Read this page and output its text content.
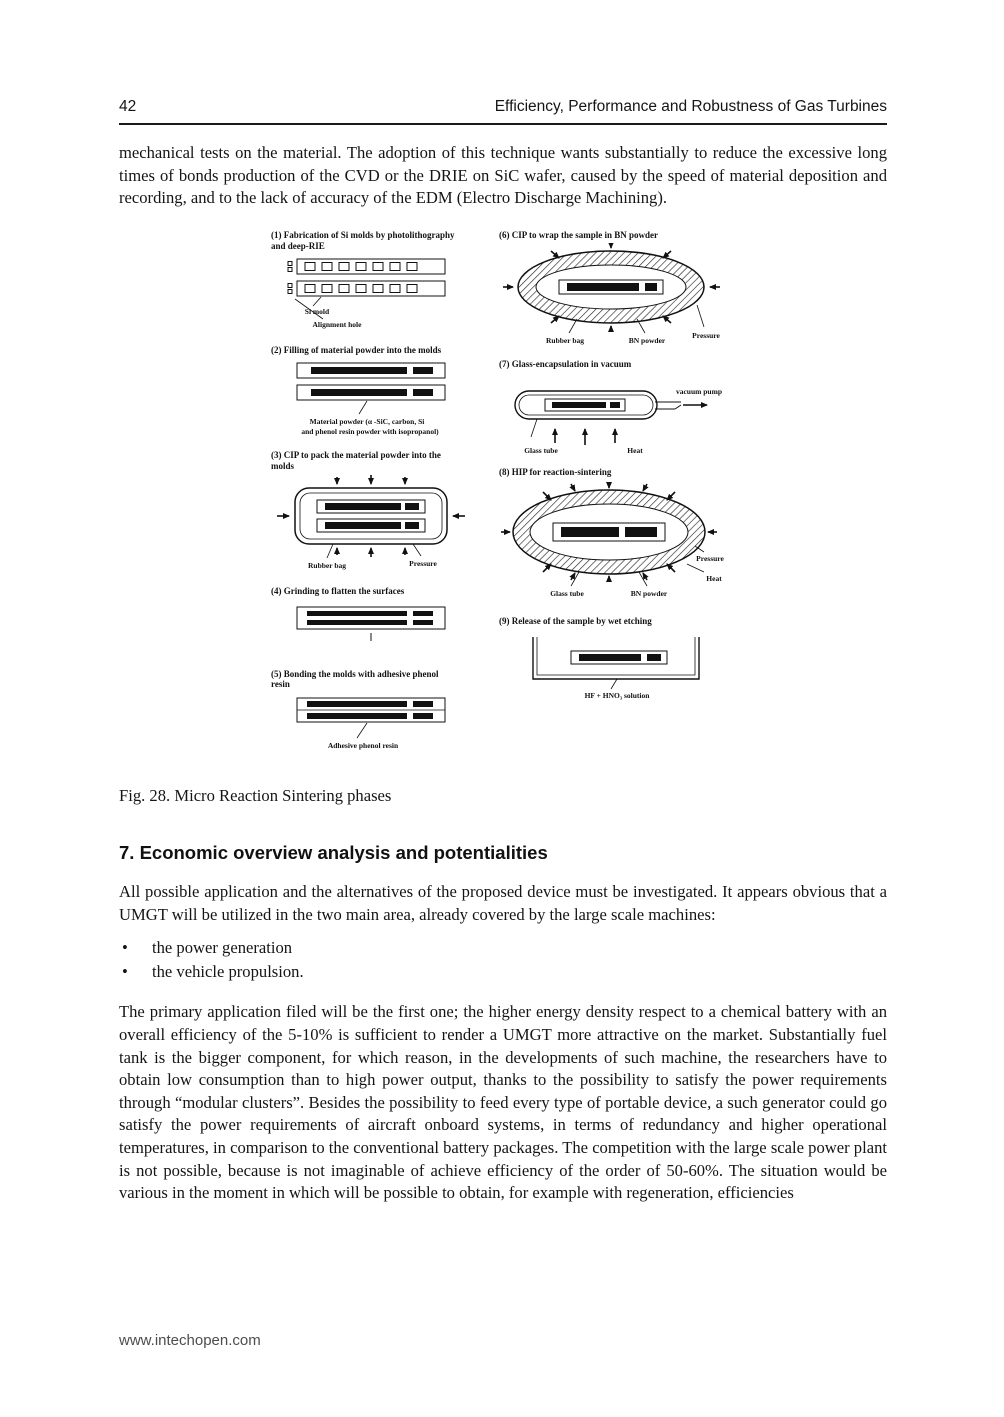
42	Efficiency, Performance and Robustness of Gas Turbines

mechanical tests on the material. The adoption of this technique wants substantially to reduce the excessive long times of bonds production of the CVD or the DRIE on SiC wafer, caused by the speed of material deposition and recording, and to the lack of accuracy of the EDM (Electro Discharge Machining).

(1) Fabrication of Si molds by photolithography and deep-RIE
Si mold
Alignment hole
(2) Filling of material powder into the molds
Material powder (α -SiC, carbon, Si
and phenol resin powder with isopropanol)
(3) CIP to pack the material powder into the molds
Rubber bag	Pressure
(4) Grinding to flatten the surfaces
(5) Bonding the molds with adhesive phenol resin
Adhesive phenol resin
(6) CIP to wrap the sample in BN powder
Rubber bag	BN powder
Pressure
(7) Glass-encapsulation in vacuum
vacuum pump
Glass tube	Heat
(8) HIP for reaction-sintering
Glass tube	BN powder
Pressure
Heat
(9) Release of the sample by wet etching
HF + HNO₃ solution

Fig. 28. Micro Reaction Sintering phases

7. Economic overview analysis and potentialities

All possible application and the alternatives of the proposed device must be investigated. It appears obvious that a UMGT will be utilized in the two main area, already covered by the large scale machines:

•	the power generation
•	the vehicle propulsion.

The primary application filed will be the first one; the higher energy density respect to a chemical battery with an overall efficiency of the 5-10% is sufficient to render a UMGT more attractive on the market. Substantially fuel tank is the bigger component, for which reason, in the developments of such machine, the researchers have to obtain low consumption than to high power output, thanks to the possibility to satisfy the power requirements through “modular clusters”. Besides the possibility to feed every type of portable device, a such generator could go satisfy the power requirements of aircraft onboard systems, in terms of redundancy and higher operational temperatures, in comparison to the conventional battery packages. The competition with the large scale power plant is not possible, because is not imaginable of achieve efficiency of the order of 50-60%. The situation would be various in the moment in which will be possible to obtain, for example with regeneration, efficiencies

www.intechopen.com
